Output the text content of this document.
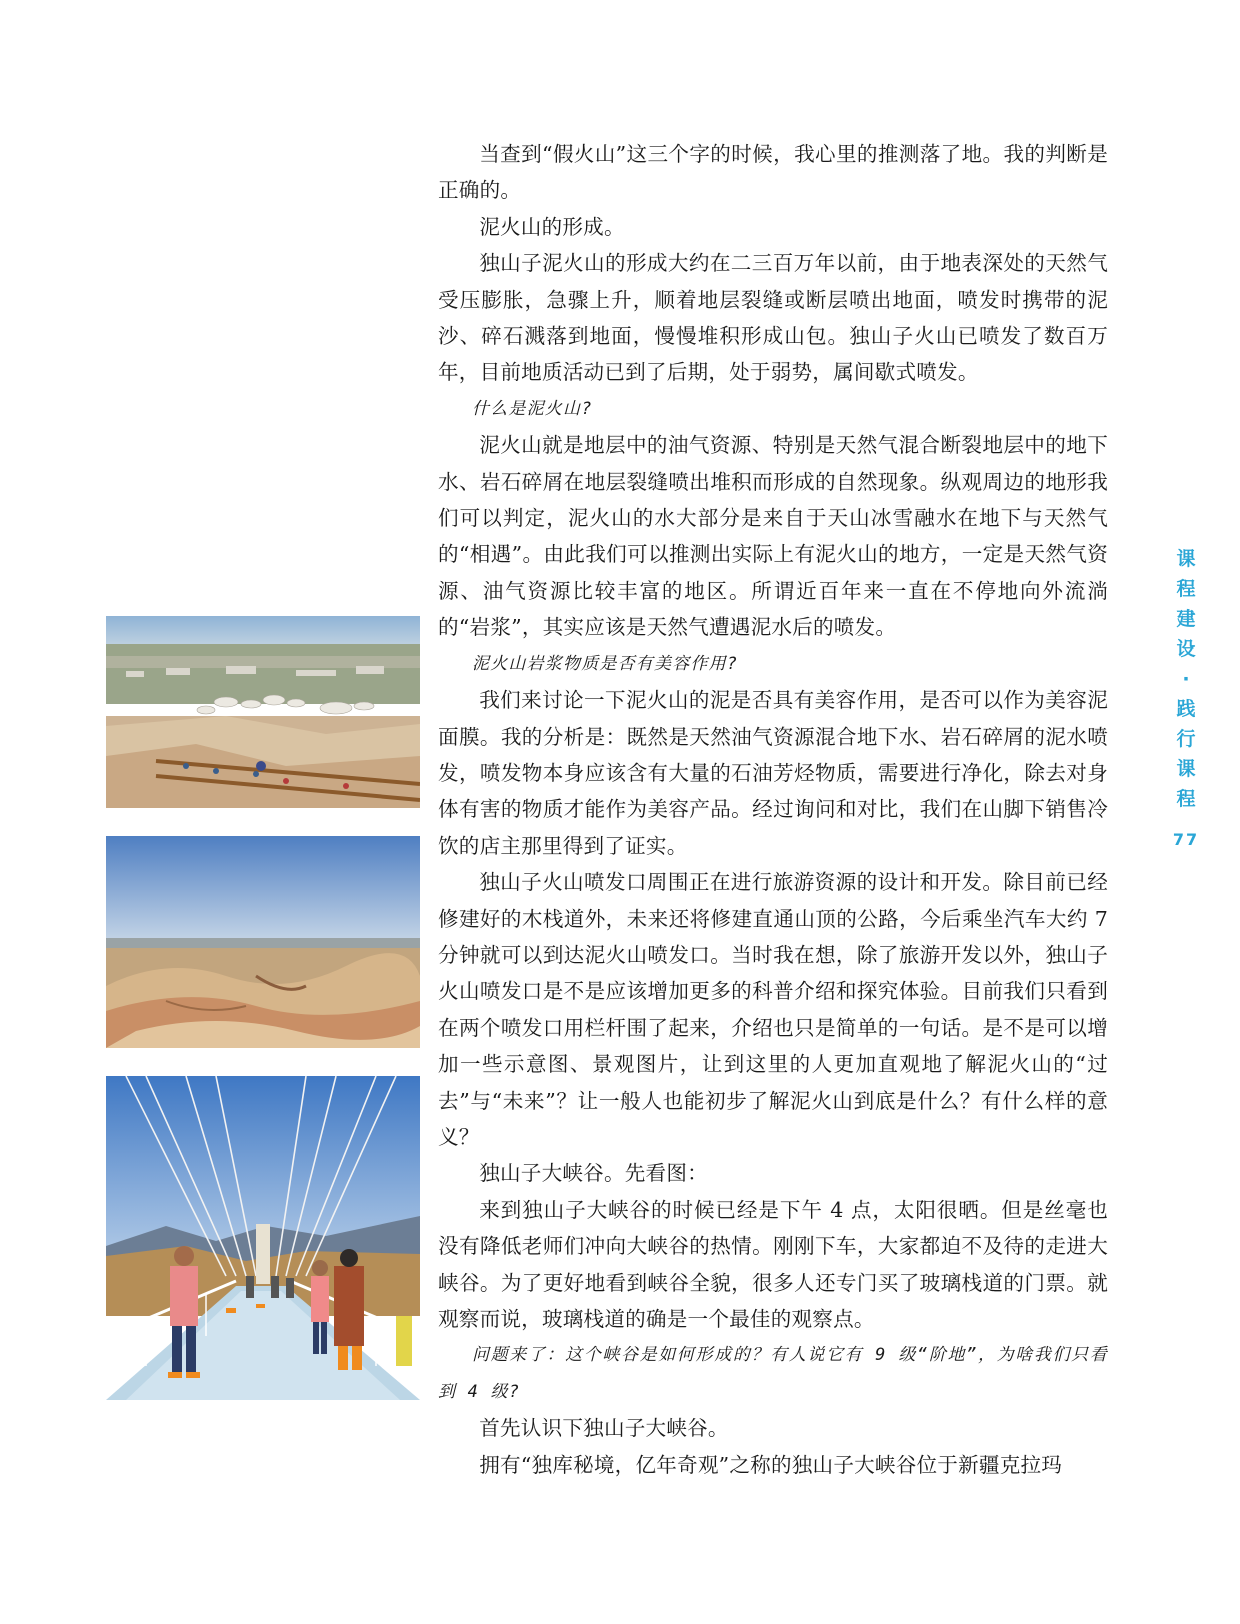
当查到“假火山”这三个字的时候，我心里的推测落了地。我的判断是正确的。

泥火山的形成。

独山子泥火山的形成大约在二三百万年以前，由于地表深处的天然气受压膨胀，急骤上升，顺着地层裂缝或断层喷出地面，喷发时携带的泥沙、碎石溅落到地面，慢慢堆积形成山包。独山子火山已喷发了数百万年，目前地质活动已到了后期，处于弱势，属间歇式喷发。

什么是泥火山?

泥火山就是地层中的油气资源、特别是天然气混合断裂地层中的地下水、岩石碎屑在地层裂缝喷出堆积而形成的自然现象。纵观周边的地形我们可以判定，泥火山的水大部分是来自于天山冰雪融水在地下与天然气的“相遇”。由此我们可以推测出实际上有泥火山的地方，一定是天然气资源、油气资源比较丰富的地区。所谓近百年来一直在不停地向外流淌的“岩浆”，其实应该是天然气遭遇泥水后的喷发。

泥火山岩浆物质是否有美容作用?

我们来讨论一下泥火山的泥是否具有美容作用，是否可以作为美容泥面膜。我的分析是：既然是天然油气资源混合地下水、岩石碎屑的泥水喷发，喷发物本身应该含有大量的石油芳烃物质，需要进行净化，除去对身体有害的物质才能作为美容产品。经过询问和对比，我们在山脚下销售冷饮的店主那里得到了证实。

独山子火山喷发口周围正在进行旅游资源的设计和开发。除目前已经修建好的木栈道外，未来还将修建直通山顶的公路，今后乘坐汽车大约 7 分钟就可以到达泥火山喷发口。当时我在想，除了旅游开发以外，独山子火山喷发口是不是应该增加更多的科普介绍和探究体验。目前我们只看到在两个喷发口用栏杆围了起来，介绍也只是简单的一句话。是不是可以增加一些示意图、景观图片，让到这里的人更加直观地了解泥火山的“过去”与“未来”？让一般人也能初步了解泥火山到底是什么？有什么样的意义？

独山子大峡谷。先看图：

来到独山子大峡谷的时候已经是下午 4 点，太阳很晒。但是丝毫也没有降低老师们冲向大峡谷的热情。刚刚下车，大家都迫不及待的走进大峡谷。为了更好地看到峡谷全貌，很多人还专门买了玻璃栈道的门票。就观察而说，玻璃栈道的确是一个最佳的观察点。

问题来了：这个峡谷是如何形成的？有人说它有 9 级“阶地”，为啥我们只看到 4 级?

首先认识下独山子大峡谷。

拥有“独库秘境，亿年奇观”之称的独山子大峡谷位于新疆克拉玛

课
程
建
设
·
践
行
课
程
77
